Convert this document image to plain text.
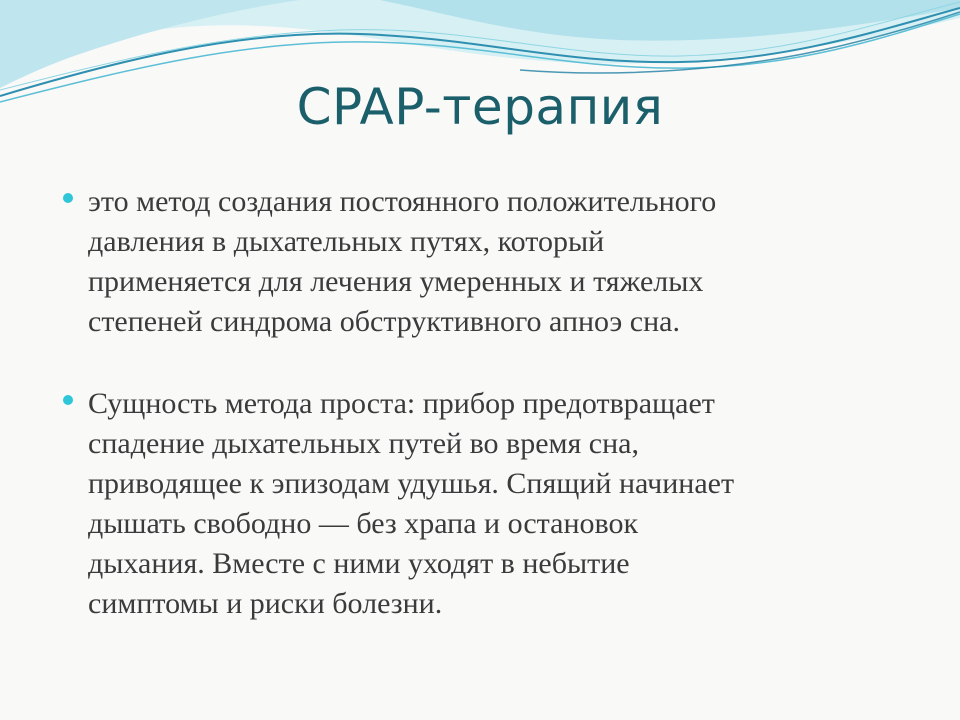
CPAP-терапия
это метод создания постоянного положительного
давления в дыхательных путях, который
применяется для лечения умеренных и тяжелых
степеней синдрома обструктивного апноэ сна.
Сущность метода проста: прибор предотвращает
спадение дыхательных путей во время сна,
приводящее к эпизодам удушья. Спящий начинает
дышать свободно — без храпа и остановок
дыхания. Вместе с ними уходят в небытие
симптомы и риски болезни.
